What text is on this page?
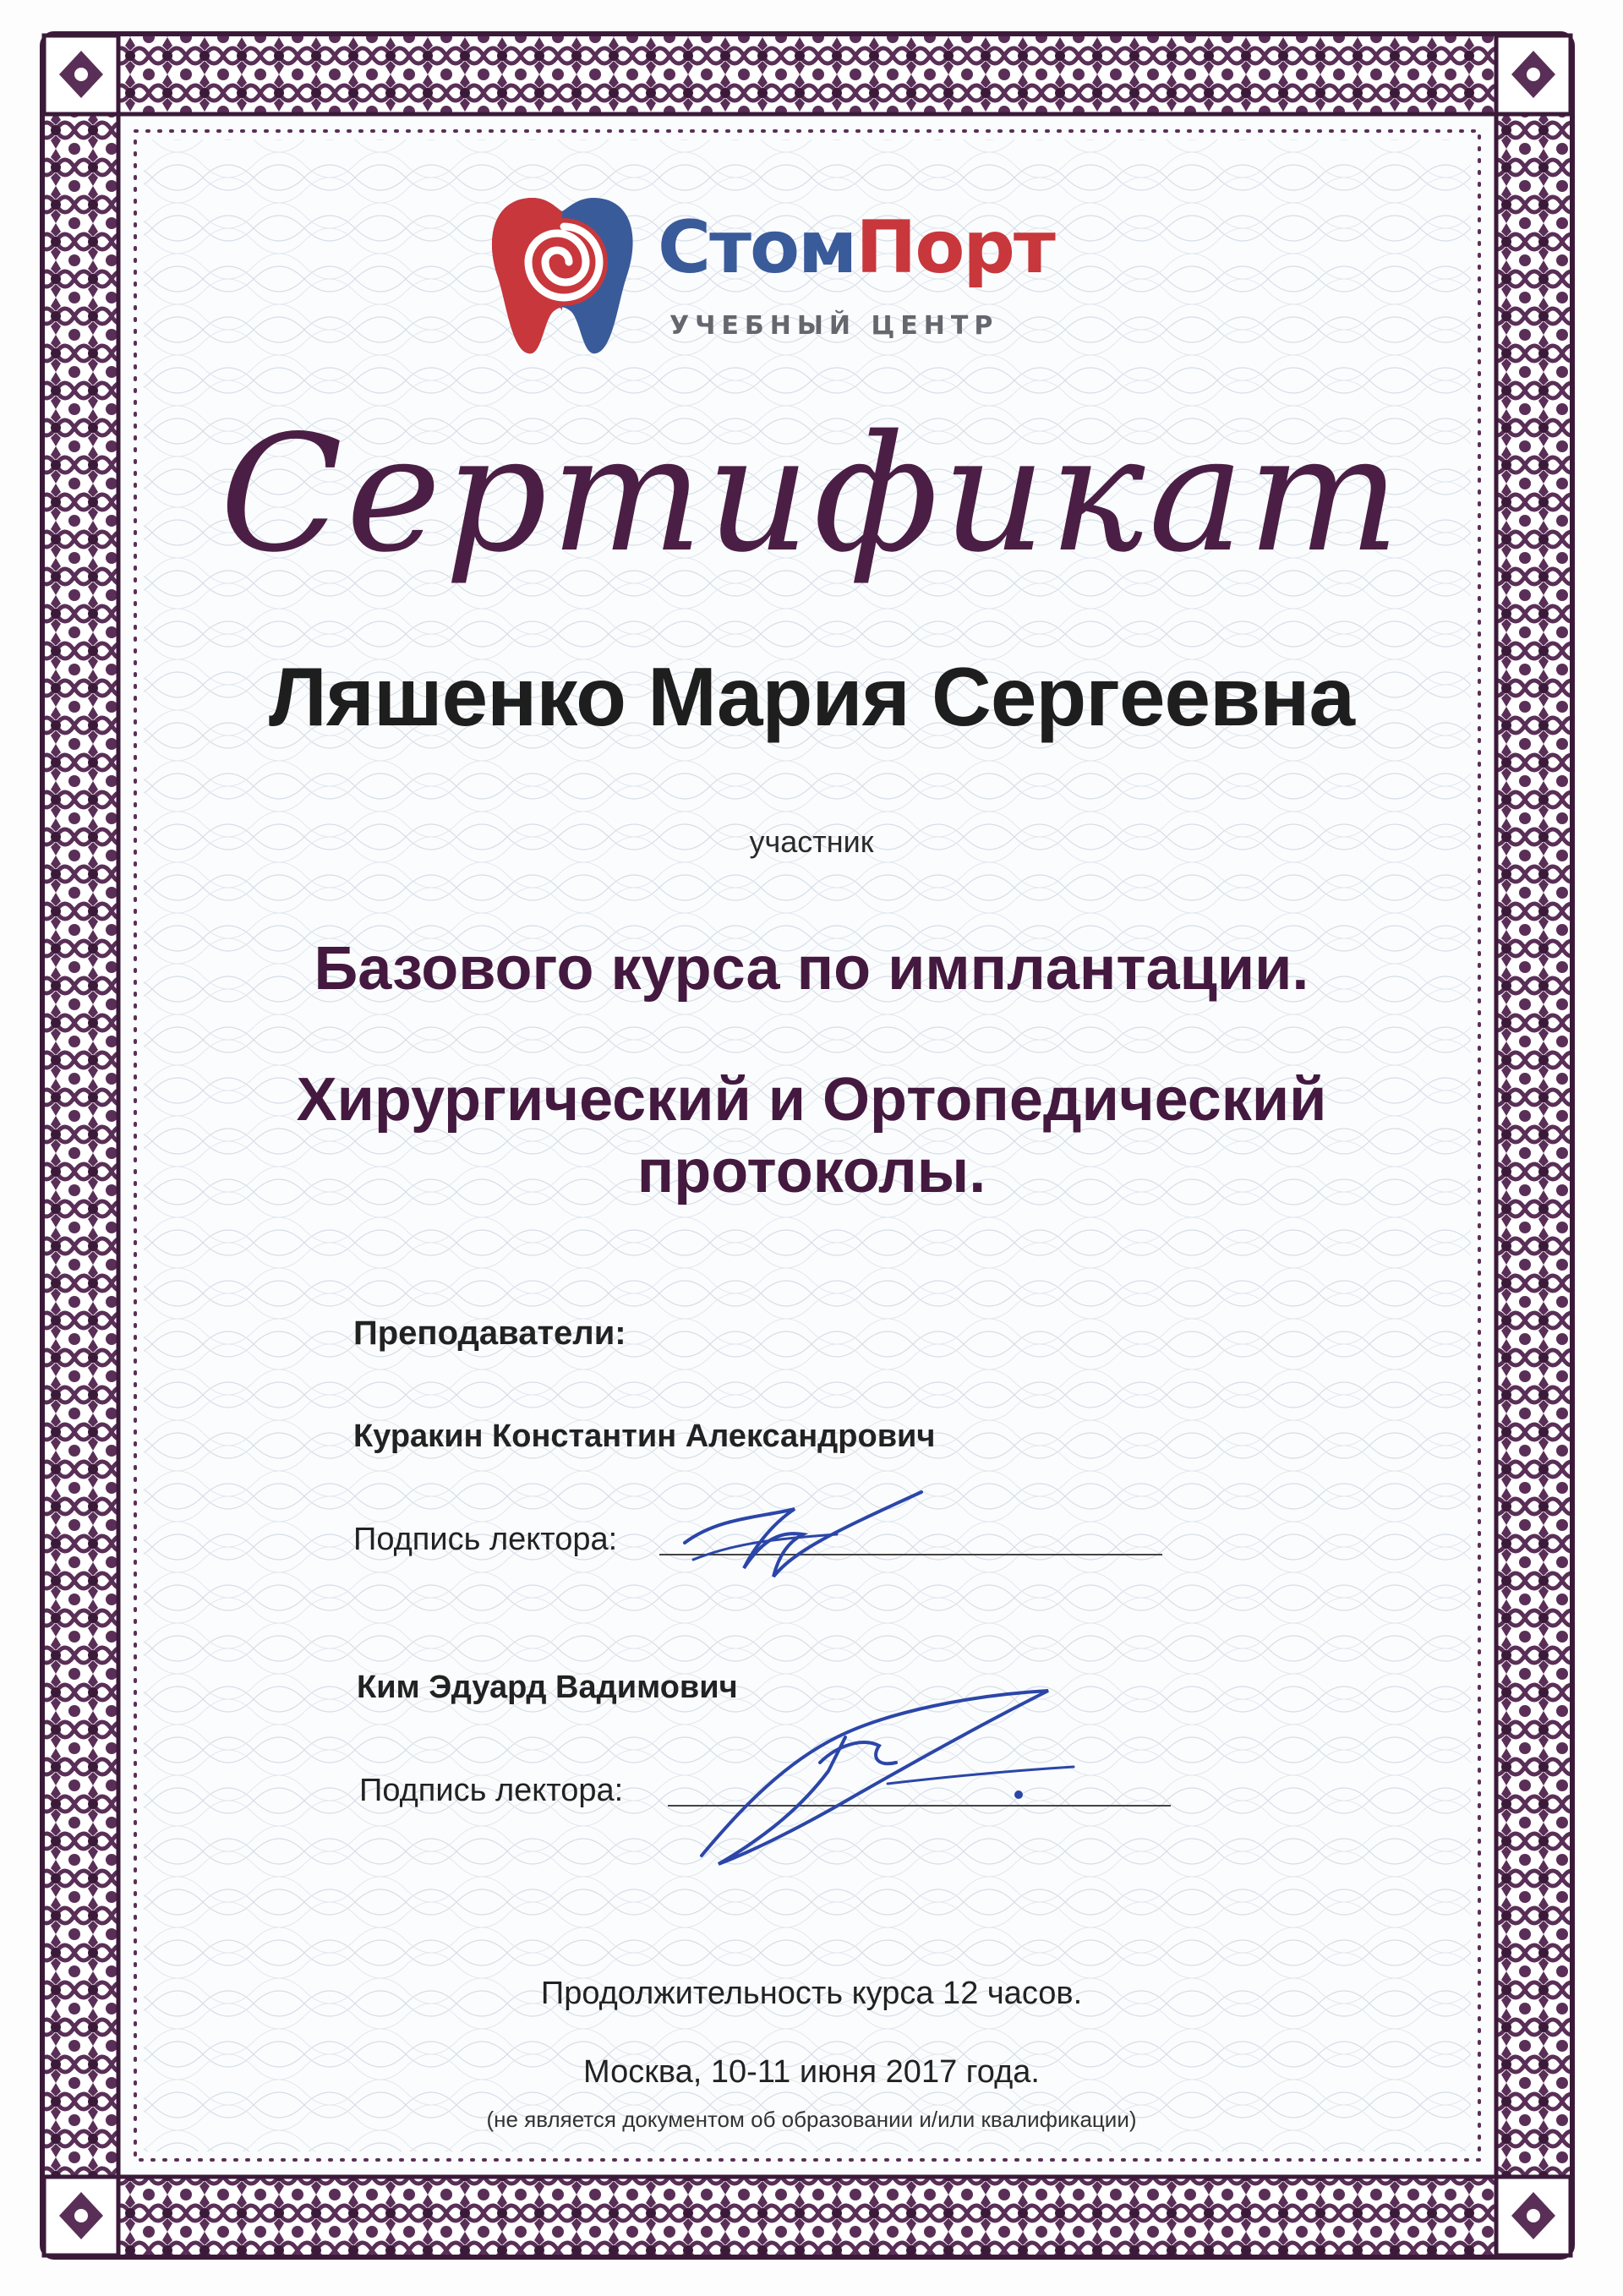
СтомПорт
УЧЕБНЫЙ ЦЕНТР
Сертификат
Ляшенко Мария Сергеевна
участник
Базового курса по имплантации.
Хирургический и Ортопедический
протоколы.
Преподаватели:
Куракин Константин Александрович
Подпись лектора:
Ким Эдуард Вадимович
Подпись лектора:
Продолжительность курса 12 часов.
Москва, 10-11 июня 2017 года.
(не является документом об образовании и/или квалификации)
